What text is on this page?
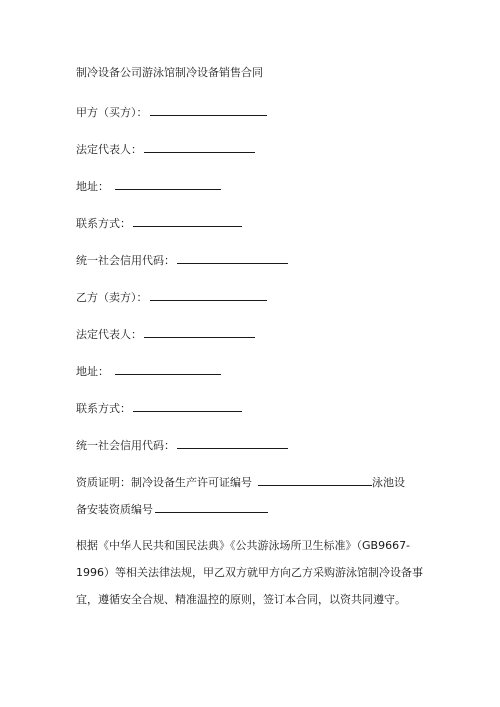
制冷设备公司游泳馆制冷设备销售合同
甲方（买方）：
法定代表人：
地址：
联系方式：
统一社会信用代码：
乙方（卖方）：
法定代表人：
地址：
联系方式：
统一社会信用代码：
资质证明：制冷设备生产许可证编号	泳池设
备安装资质编号
根据《中华人民共和国民法典》《公共游泳场所卫生标准》（GB9667-
1996）等相关法律法规，甲乙双方就甲方向乙方采购游泳馆制冷设备事
宜，遵循安全合规、精准温控的原则，签订本合同，以资共同遵守。
